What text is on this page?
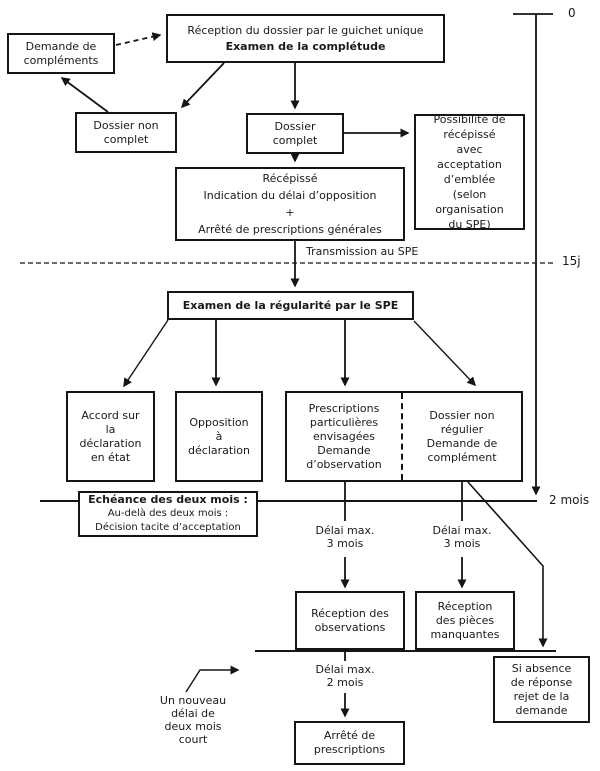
Réception du dossier par le guichet unique
Examen de la complétude
Demande de compléments
Dossier non complet
Dossier complet
Possibilité de récépissé avec acceptation d’emblée (selon organisation du SPE)
Récépissé
Indication du délai d’opposition
+
Arrêté de prescriptions générales
Examen de la régularité par le SPE
Accord sur la déclaration en état
Opposition à déclaration
Prescriptions particulières envisagées Demande d’observation
Dossier non régulier Demande de complément
Echéance des deux mois :
Au-delà des deux mois :
Décision tacite d’acceptation
Réception des observations
Réception des pièces manquantes
Si absence de réponse rejet de la demande
Arrêté de prescriptions
0
15j
2 mois
Transmission au SPE
Délai max. 3 mois
Délai max. 3 mois
Délai max. 2 mois
Un nouveau délai de deux mois court
